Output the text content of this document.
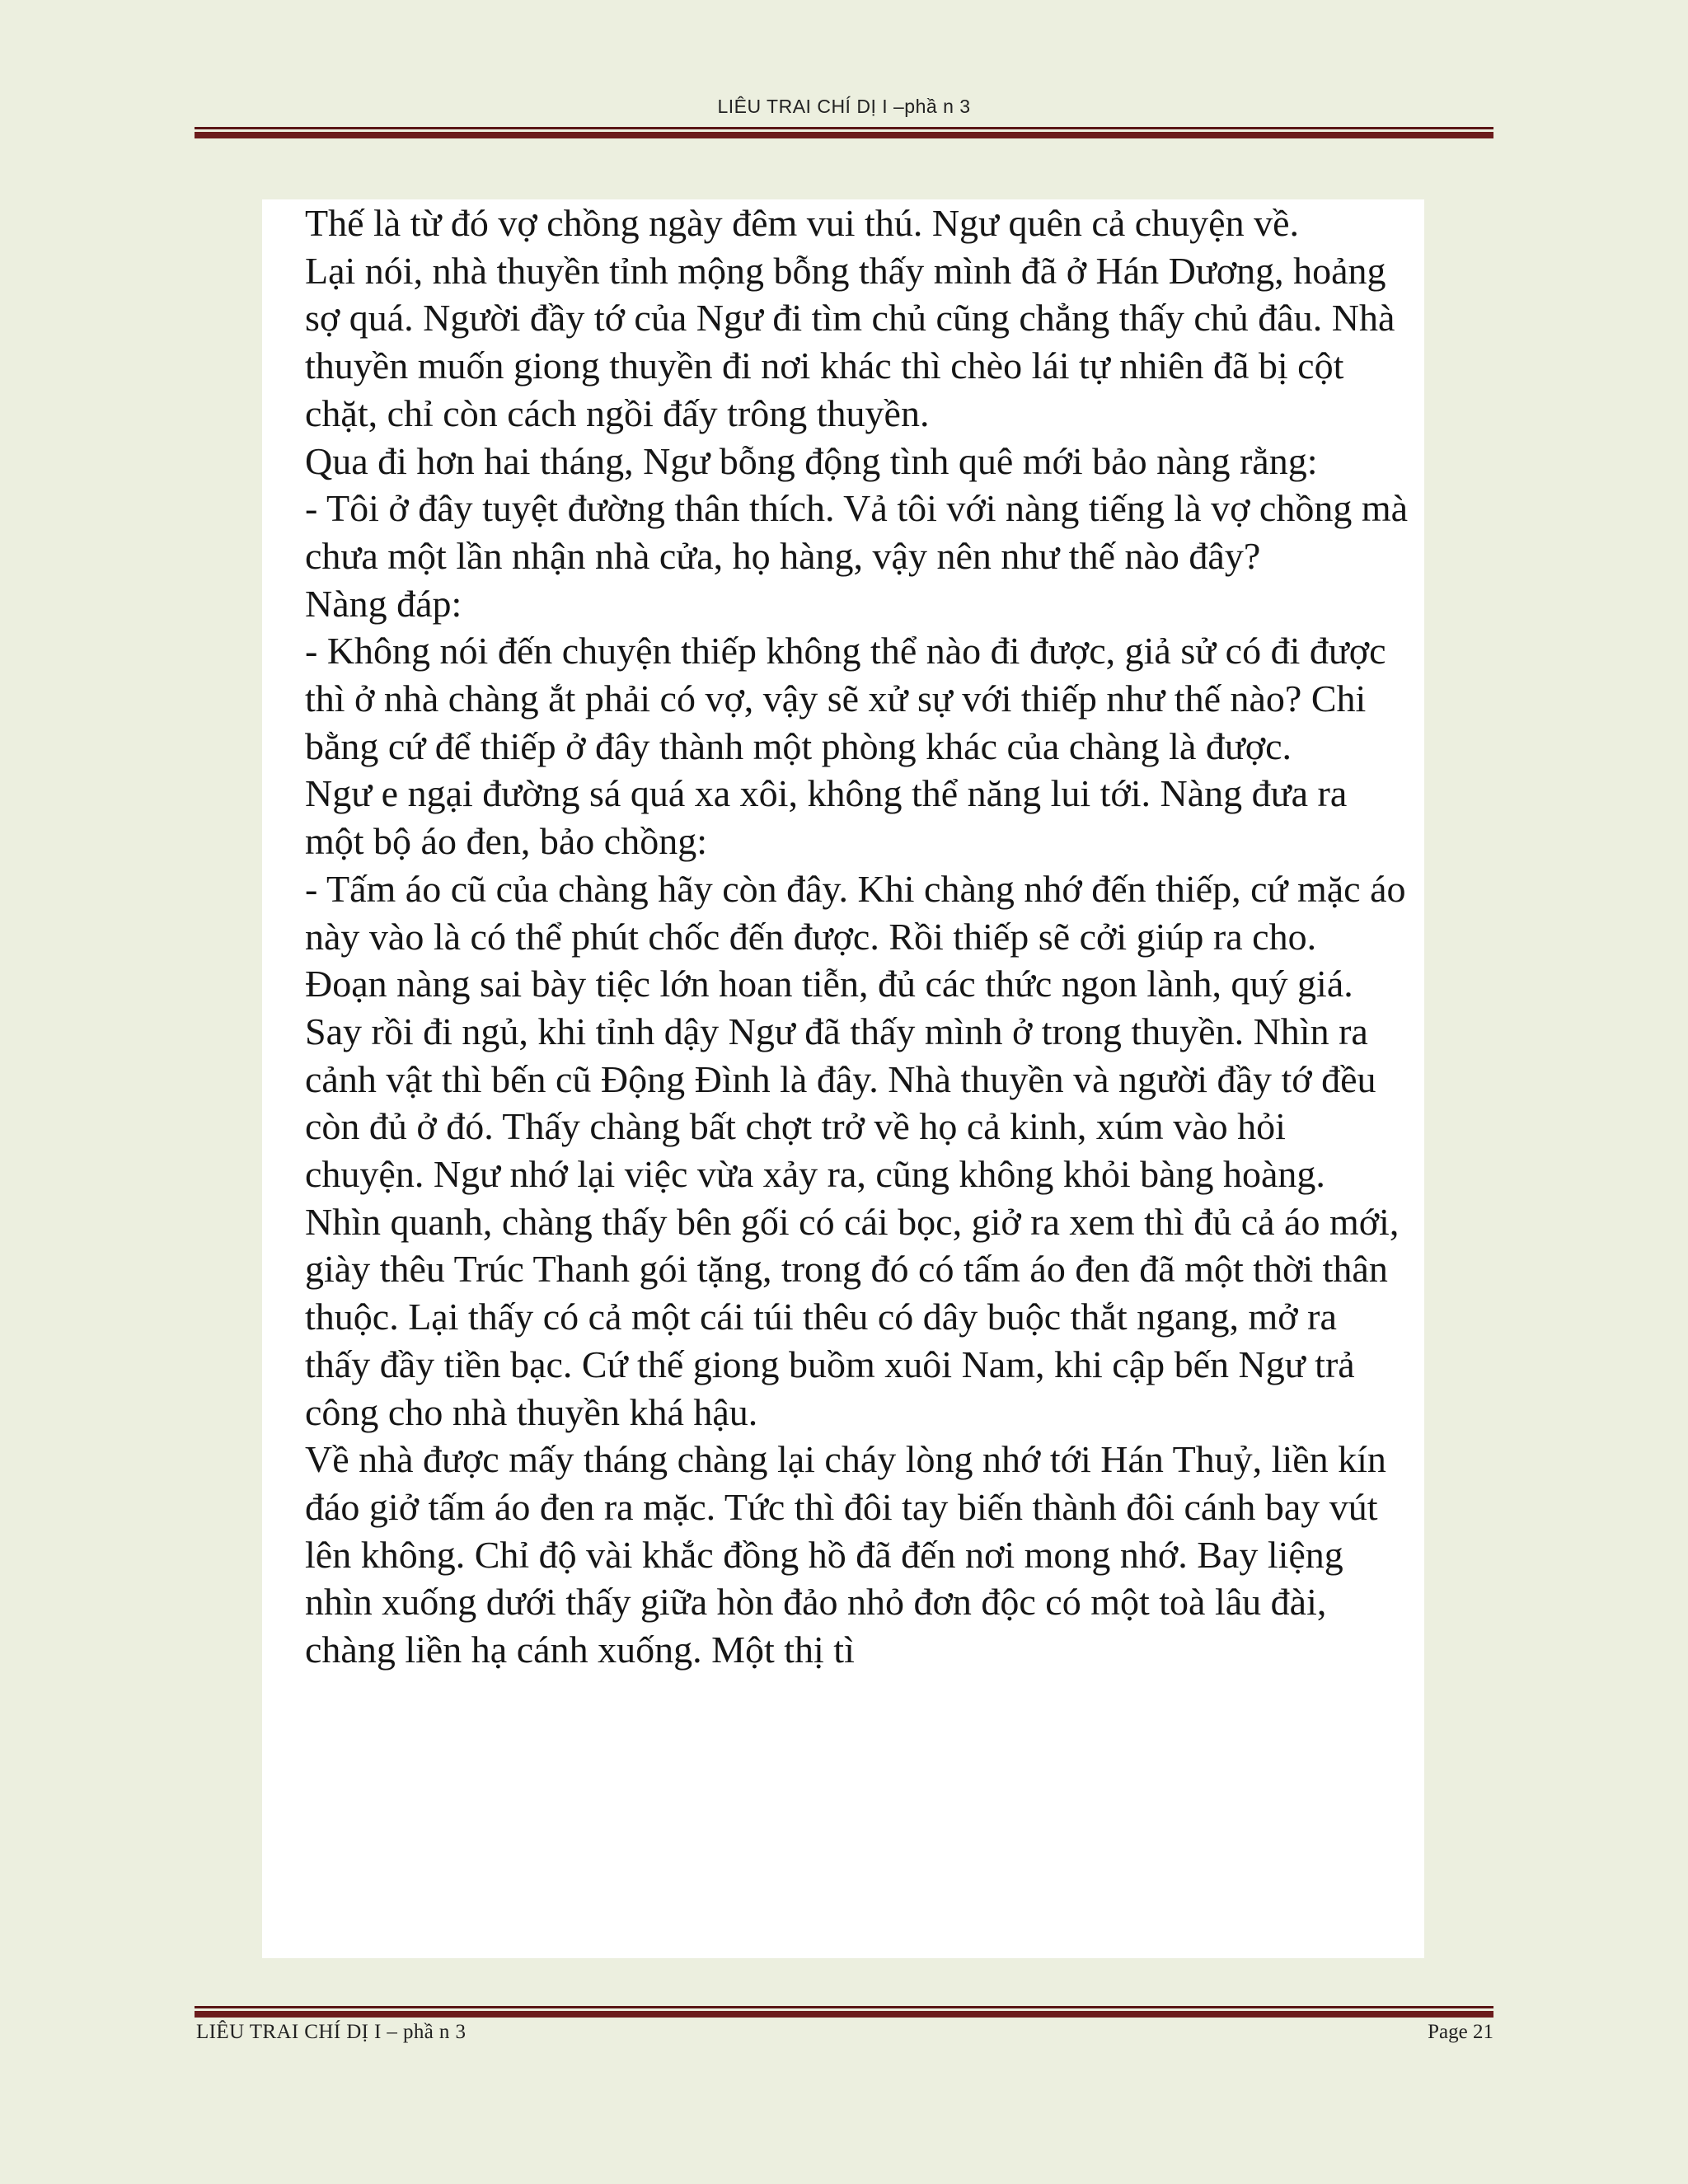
LIÊU TRAI CHÍ DỊ I –phầ n 3

Thế là từ đó vợ chồng ngày đêm vui thú. Ngư quên cả chuyện về.

Lại nói, nhà thuyền tỉnh mộng bỗng thấy mình đã ở Hán Dương, hoảng sợ quá. Người đầy tớ của Ngư đi tìm chủ cũng chẳng thấy chủ đâu. Nhà thuyền muốn giong thuyền đi nơi khác thì chèo lái tự nhiên đã bị cột chặt, chỉ còn cách ngồi đấy trông thuyền.

Qua đi hơn hai tháng, Ngư bỗng động tình quê mới bảo nàng rằng:

- Tôi ở đây tuyệt đường thân thích. Vả tôi với nàng tiếng là vợ chồng mà chưa một lần nhận nhà cửa, họ hàng, vậy nên như thế nào đây?

Nàng đáp:

- Không nói đến chuyện thiếp không thể nào đi được, giả sử có đi được thì ở nhà chàng ắt phải có vợ, vậy sẽ xử sự với thiếp như thế nào? Chi bằng cứ để thiếp ở đây thành một phòng khác của chàng là được.

Ngư e ngại đường sá quá xa xôi, không thể năng lui tới. Nàng đưa ra một bộ áo đen, bảo chồng:

- Tấm áo cũ của chàng hãy còn đây. Khi chàng nhớ đến thiếp, cứ mặc áo này vào là có thể phút chốc đến được. Rồi thiếp sẽ cởi giúp ra cho.

Đoạn nàng sai bày tiệc lớn hoan tiễn, đủ các thức ngon lành, quý giá. Say rồi đi ngủ, khi tỉnh dậy Ngư đã thấy mình ở trong thuyền. Nhìn ra cảnh vật thì bến cũ Động Đình là đây. Nhà thuyền và người đầy tớ đều còn đủ ở đó. Thấy chàng bất chợt trở về họ cả kinh, xúm vào hỏi chuyện. Ngư nhớ lại việc vừa xảy ra, cũng không khỏi bàng hoàng.

Nhìn quanh, chàng thấy bên gối có cái bọc, giở ra xem thì đủ cả áo mới, giày thêu Trúc Thanh gói tặng, trong đó có tấm áo đen đã một thời thân thuộc. Lại thấy có cả một cái túi thêu có dây buộc thắt ngang, mở ra thấy đầy tiền bạc. Cứ thế giong buồm xuôi Nam, khi cập bến Ngư trả công cho nhà thuyền khá hậu.

Về nhà được mấy tháng chàng lại cháy lòng nhớ tới Hán Thuỷ, liền kín đáo giở tấm áo đen ra mặc. Tức thì đôi tay biến thành đôi cánh bay vút lên không. Chỉ độ vài khắc đồng hồ đã đến nơi mong nhớ. Bay liệng nhìn xuống dưới thấy giữa hòn đảo nhỏ đơn độc có một toà lâu đài, chàng liền hạ cánh xuống. Một thị tì

LIÊU TRAI CHÍ DỊ I – phầ n 3	Page 21
